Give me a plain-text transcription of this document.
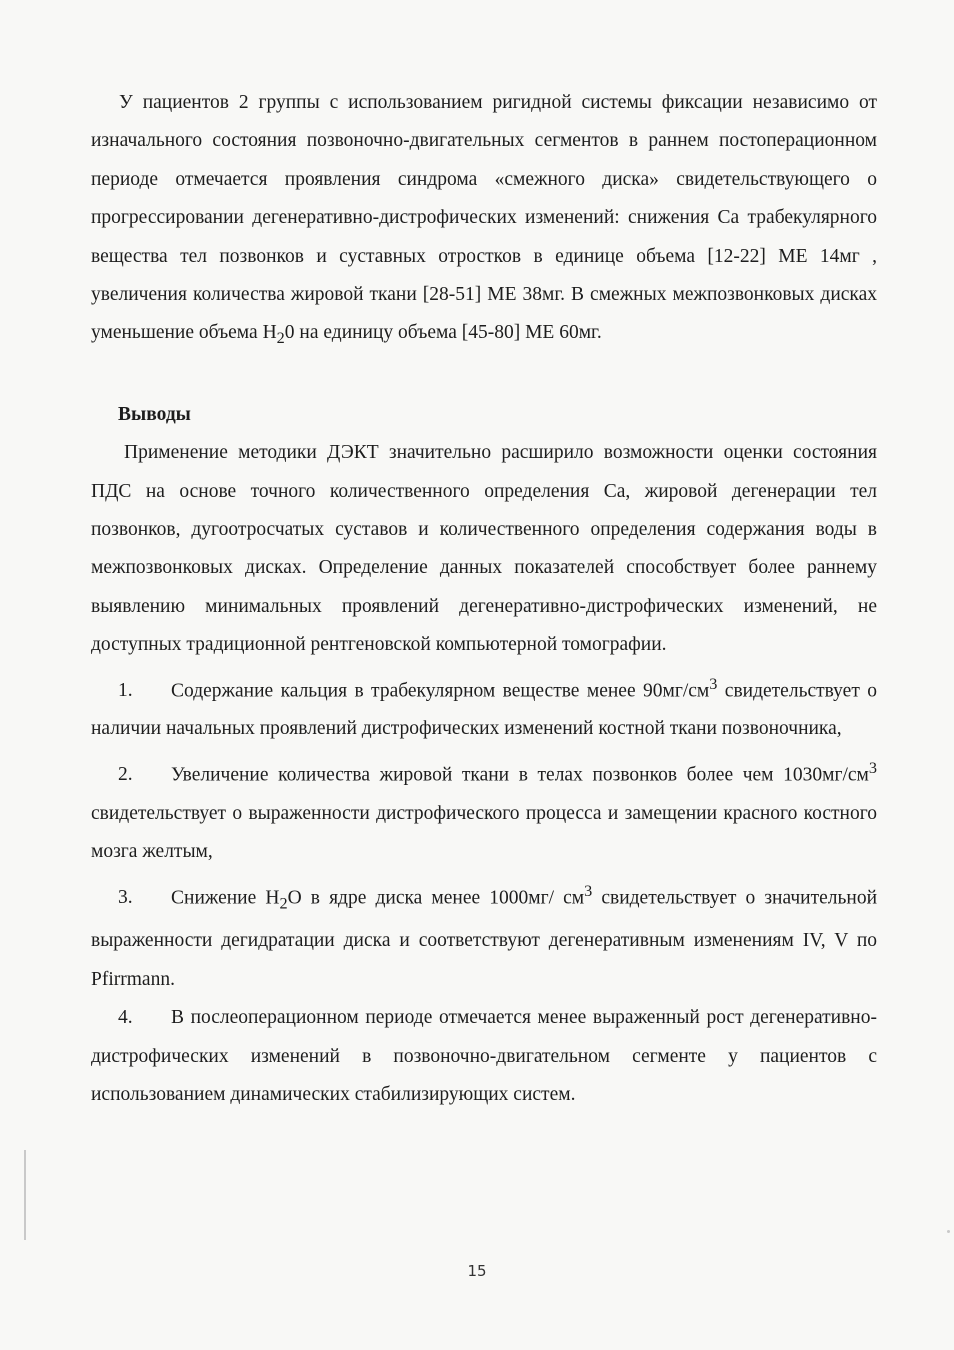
У пациентов 2 группы с использованием ригидной системы фиксации независимо от изначального состояния позвоночно-двигательных сегментов в раннем постоперационном периоде отмечается проявления синдрома «смежного диска» свидетельствующего о прогрессировании дегенеративно-дистрофических изменений: снижения Ca трабекулярного вещества тел позвонков и суставных отростков в единице объема [12-22] ME 14мг , увеличения количества жировой ткани [28-51] ME 38мг. В смежных межпозвонковых дисках уменьшение объема $H_20$ на единицу объема [45-80] ME 60мг.

Выводы

Применение методики ДЭКТ значительно расширило возможности оценки состояния ПДС на основе точного количественного определения Ca, жировой дегенерации тел позвонков, дугоотросчатых суставов и количественного определения содержания воды в межпозвонковых дисках. Определение данных показателей способствует более раннему выявлению минимальных проявлений дегенеративно-дистрофических изменений, не доступных традиционной рентгеновской компьютерной томографии.

1. Содержание кальция в трабекулярном веществе менее $90мг/см^3$ свидетельствует о наличии начальных проявлений дистрофических изменений костной ткани позвоночника,

2. Увеличение количества жировой ткани в телах позвонков более чем $1030мг/см^3$ свидетельствует о выраженности дистрофического процесса и замещении красного костного мозга желтым,

3. Снижение $H_2O$ в ядре диска менее 1000мг/ $см^3$ свидетельствует о значительной выраженности дегидратации диска и соответствуют дегенеративным изменениям IV, V по Pfirrmann.

4. В послеоперационном периоде отмечается менее выраженный рост дегенеративно-дистрофических изменений в позвоночно-двигательном сегменте у пациентов с использованием динамических стабилизирующих систем.

15
